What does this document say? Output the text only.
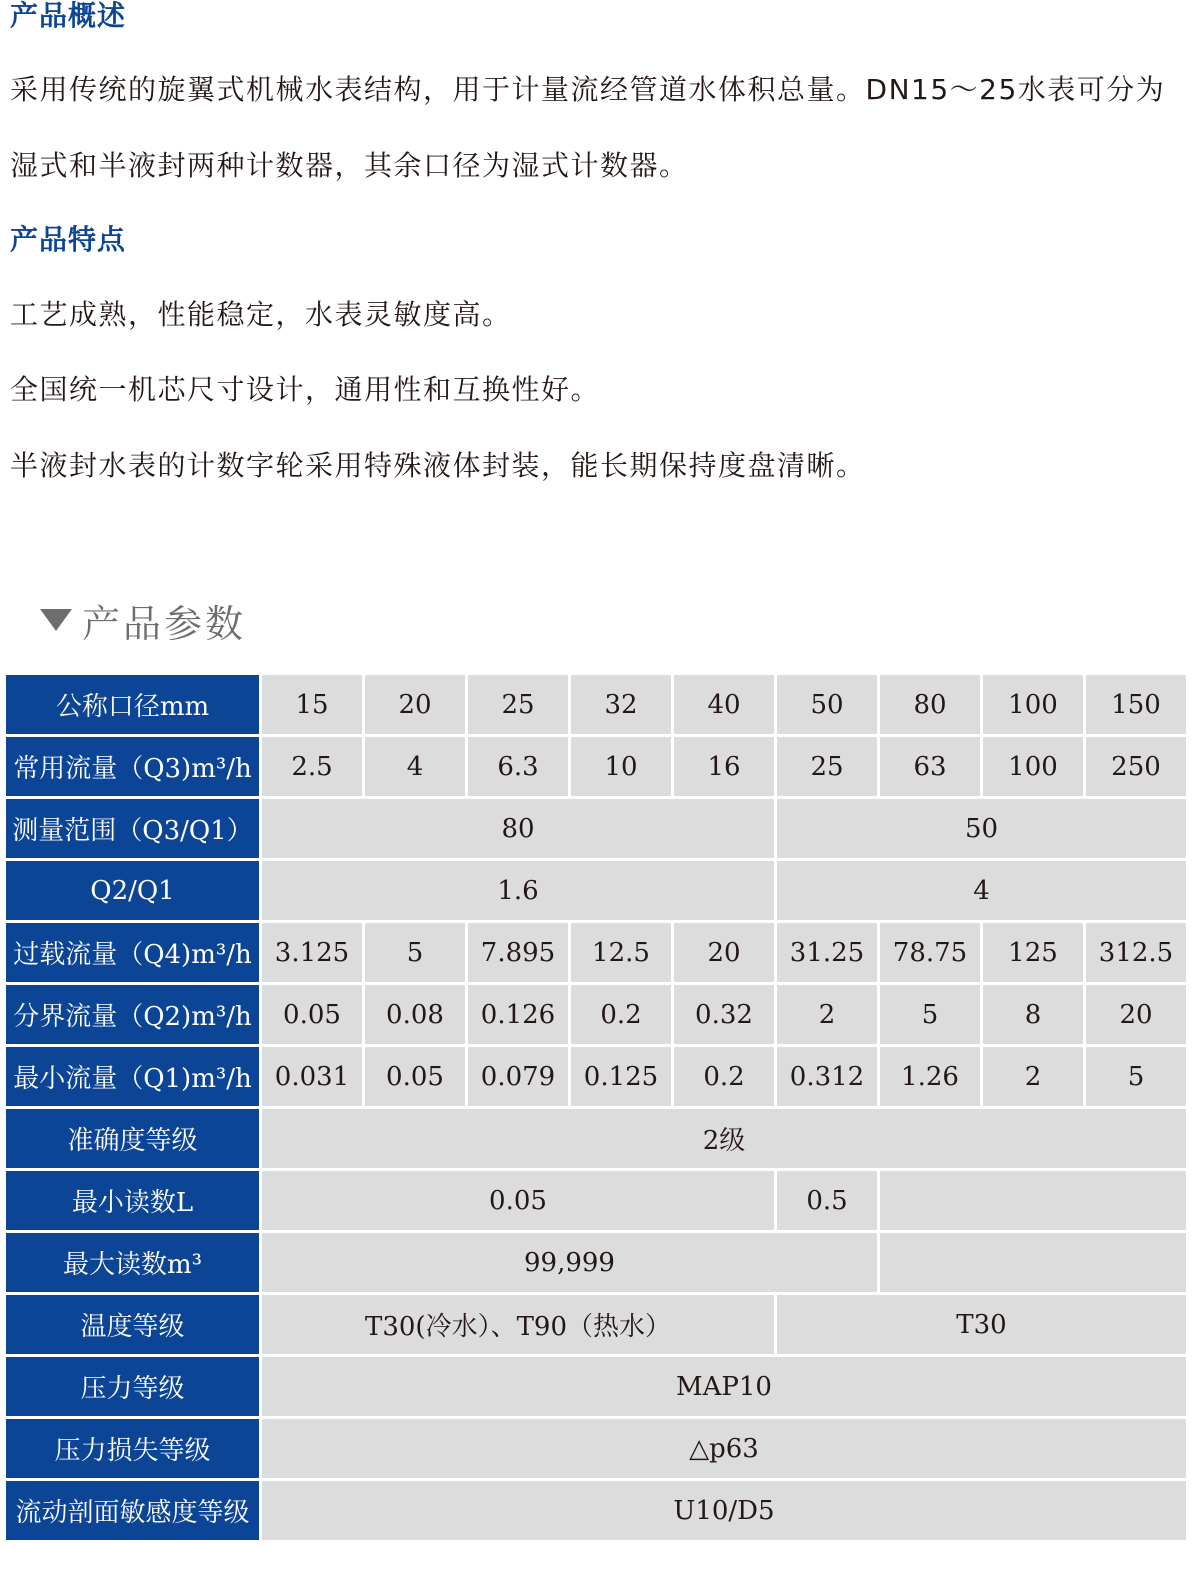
产品概述
采用传统的旋翼式机械水表结构，用于计量流经管道水体积总量。DN15～25水表可分为
湿式和半液封两种计数器，其余口径为湿式计数器。
产品特点
工艺成熟，性能稳定，水表灵敏度高。
全国统一机芯尺寸设计，通用性和互换性好。
半液封水表的计数字轮采用特殊液体封装，能长期保持度盘清晰。
产品参数
公称口径mm	15	20	25	32	40	50	80	100	150
常用流量（Q3)m³/h	2.5	4	6.3	10	16	25	63	100	250
测量范围（Q3/Q1）	80					50			
Q2/Q1	1.6					4			
过载流量（Q4)m³/h	3.125	5	7.895	12.5	20	31.25	78.75	125	312.5
分界流量（Q2)m³/h	0.05	0.08	0.126	0.2	0.32	2	5	8	20
最小流量（Q1)m³/h	0.031	0.05	0.079	0.125	0.2	0.312	1.26	2	5
准确度等级	2级								
最小读数L	0.05					0.5			
最大读数m³	99,999								
温度等级	T30(冷水）、T90（热水）					T30			
压力等级	MAP10								
压力损失等级	△p63								
流动剖面敏感度等级	U10/D5								
